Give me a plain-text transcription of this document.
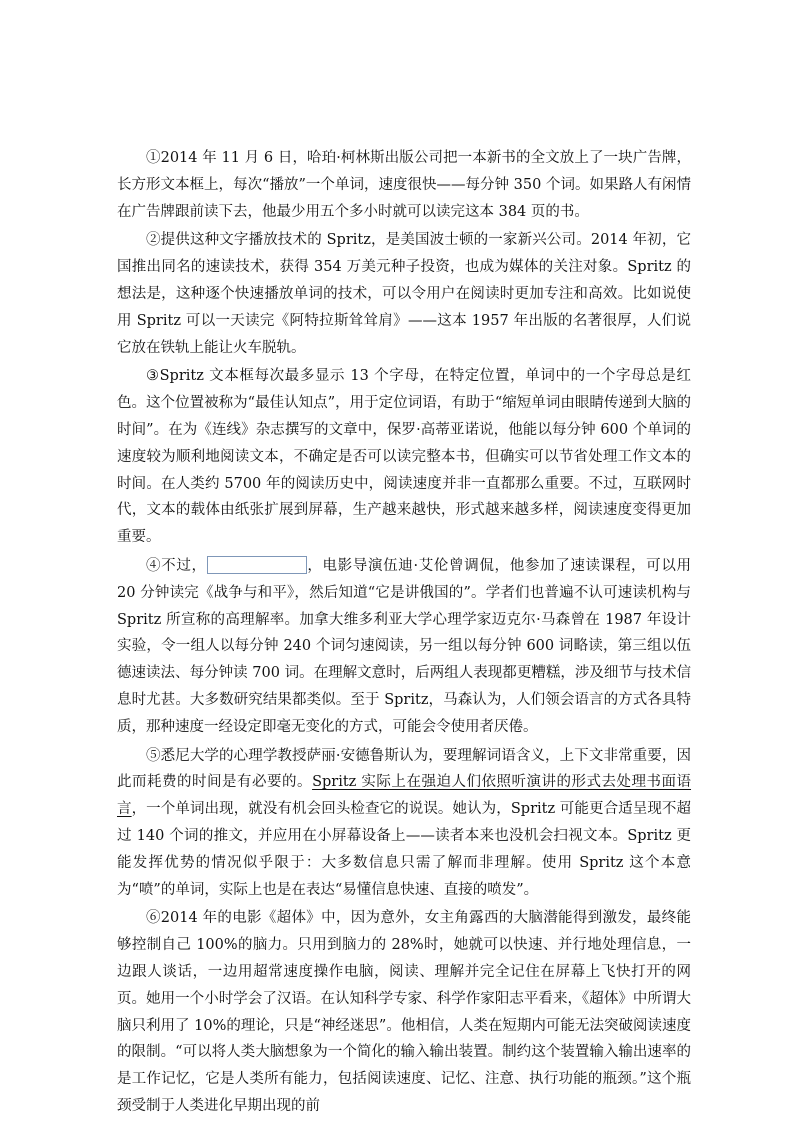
①2014 年 11 月 6 日，哈珀·柯林斯出版公司把一本新书的全文放上了一块广告牌，长方形文本框上，每次“播放”一个单词，速度很快——每分钟 350 个词。如果路人有闲情在广告牌跟前读下去，他最少用五个多小时就可以读完这本 384 页的书。

②提供这种文字播放技术的 Spritz，是美国波士顿的一家新兴公司。2014 年初，它国推出同名的速读技术，获得 354 万美元种子投资，也成为媒体的关注对象。Spritz 的想法是，这种逐个快速播放单词的技术，可以令用户在阅读时更加专注和高效。比如说使用 Spritz 可以一天读完《阿特拉斯耸耸肩》——这本 1957 年出版的名著很厚，人们说它放在铁轨上能让火车脱轨。

③Spritz 文本框每次最多显示 13 个字母，在特定位置，单词中的一个字母总是红色。这个位置被称为“最佳认知点”，用于定位词语，有助于“缩短单词由眼睛传递到大脑的时间”。在为《连线》杂志撰写的文章中，保罗·高蒂亚诺说，他能以每分钟 600 个单词的速度较为顺利地阅读文本，不确定是否可以读完整本书，但确实可以节省处理工作文本的时间。在人类约 5700 年的阅读历史中，阅读速度并非一直都那么重要。不过，互联网时代，文本的载体由纸张扩展到屏幕，生产越来越快，形式越来越多样，阅读速度变得更加重要。

④不过，	，电影导演伍迪·艾伦曾调侃，他参加了速读课程，可以用 20 分钟读完《战争与和平》，然后知道“它是讲俄国的”。学者们也普遍不认可速读机构与 Spritz 所宣称的高理解率。加拿大维多利亚大学心理学家迈克尔·马森曾在 1987 年设计实验，令一组人以每分钟 240 个词匀速阅读，另一组以每分钟 600 词略读，第三组以伍德速读法、每分钟读 700 词。在理解文意时，后两组人表现都更糟糕，涉及细节与技术信息时尤甚。大多数研究结果都类似。至于 Spritz，马森认为，人们领会语言的方式各具特质，那种速度一经设定即毫无变化的方式，可能会令使用者厌倦。

⑤悉尼大学的心理学教授萨丽·安德鲁斯认为，要理解词语含义，上下文非常重要，因此而耗费的时间是有必要的。Spritz 实际上在强迫人们依照听演讲的形式去处理书面语言，一个单词出现，就没有机会回头检查它的说误。她认为，Spritz 可能更合适呈现不超过 140 个词的推文，并应用在小屏幕设备上——读者本来也没机会扫视文本。Spritz 更能发挥优势的情况似乎限于：大多数信息只需了解而非理解。使用 Spritz 这个本意为“喷”的单词，实际上也是在表达“易懂信息快速、直接的喷发”。

⑥2014 年的电影《超体》中，因为意外，女主角露西的大脑潜能得到激发，最终能够控制自己 100%的脑力。只用到脑力的 28%时，她就可以快速、并行地处理信息，一边跟人谈话，一边用超常速度操作电脑，阅读、理解并完全记住在屏幕上飞快打开的网页。她用一个小时学会了汉语。在认知科学专家、科学作家阳志平看来，《超体》中所谓大脑只利用了 10%的理论，只是“神经迷思”。他相信，人类在短期内可能无法突破阅读速度的限制。“可以将人类大脑想象为一个简化的输入输出装置。制约这个装置输入输出速率的是工作记忆，它是人类所有能力，包括阅读速度、记忆、注意、执行功能的瓶颈。”这个瓶颈受制于人类进化早期出现的前
